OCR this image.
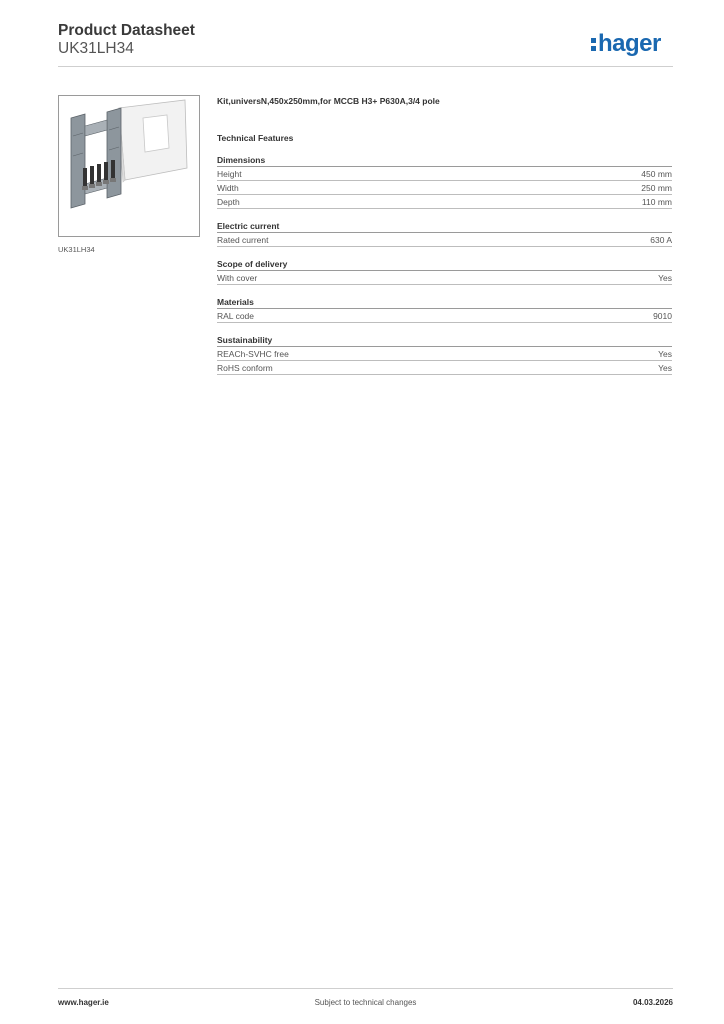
Product Datasheet
UK31LH34	hager
UK31LH34
Kit,universN,450x250mm,for MCCB H3+ P630A,3/4 pole
Technical Features
Dimensions
Height	450 mm
Width	250 mm
Depth	110 mm
Electric current
Rated current	630 A
Scope of delivery
With cover	Yes
Materials
RAL code	9010
Sustainability
REACh-SVHC free	Yes
RoHS conform	Yes
www.hager.ie	Subject to technical changes	04.03.2026
